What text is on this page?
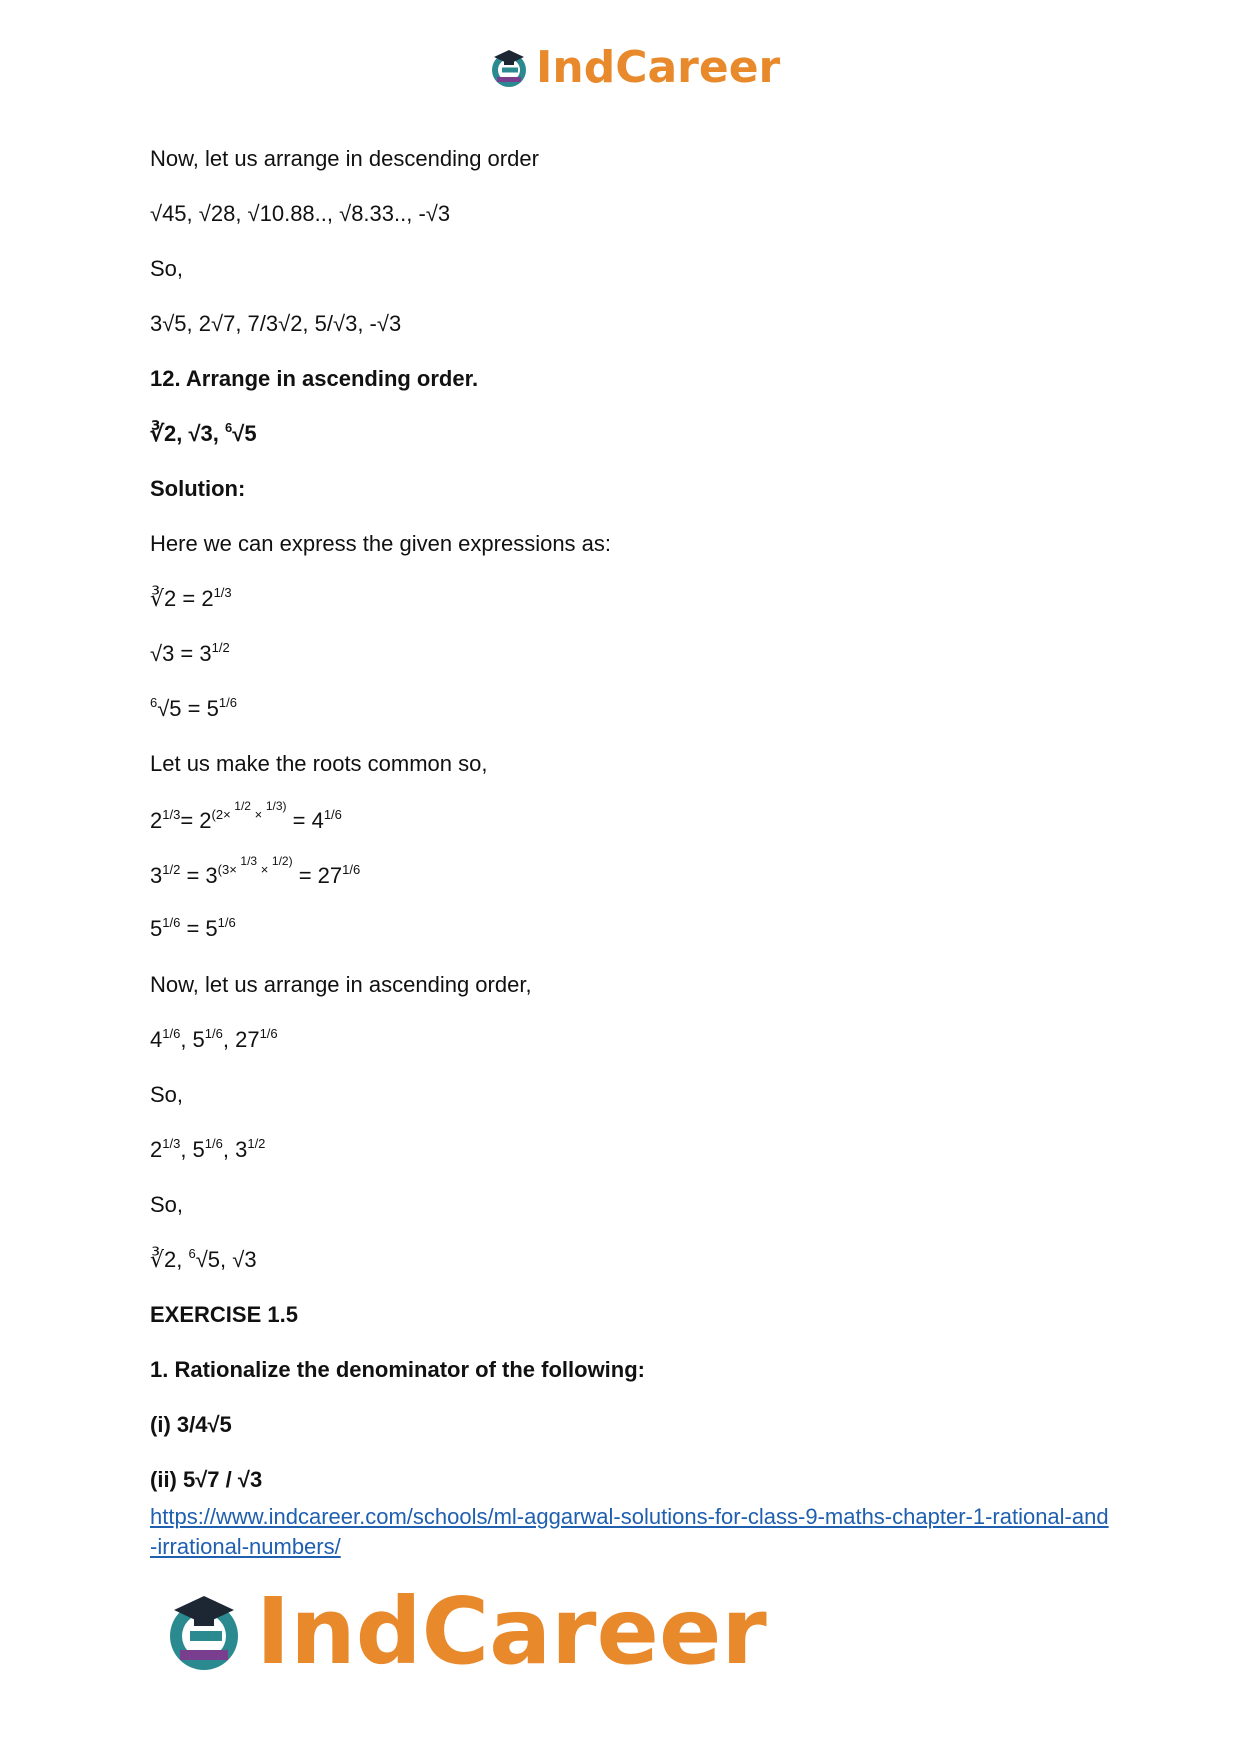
IndCareer
Now, let us arrange in descending order
√45, √28, √10.88.., √8.33.., -√3
So,
3√5, 2√7, 7/3√2, 5/√3, -√3
12. Arrange in ascending order.
∛2, √3, $^6$√5
Solution:
Here we can express the given expressions as:
∛2 = $2^{1/3}$
$√3 = 3^{1/2}$
$^6√5 = 5^{1/6}$
Let us make the roots common so,
$2^{1/3}= 2^{(2\times ^{1/2} \times ^{1/3)}} = 4^{1/6}$
$3^{1/2} = 3^{(3\times ^{1/3} \times ^{1/2)}} = 27^{1/6}$
$5^{1/6} = 5^{1/6}$
Now, let us arrange in ascending order,
$4^{1/6}$, $5^{1/6}$, $27^{1/6}$
So,
$2^{1/3}$, $5^{1/6}$, $3^{1/2}$
So,
∛2, $^6$√5, √3
EXERCISE 1.5
1. Rationalize the denominator of the following:
(i) 3/4√5
(ii) 5√7 / √3
https://www.indcareer.com/schools/ml-aggarwal-solutions-for-class-9-maths-chapter-1-rational-and-irrational-numbers/
IndCareer
